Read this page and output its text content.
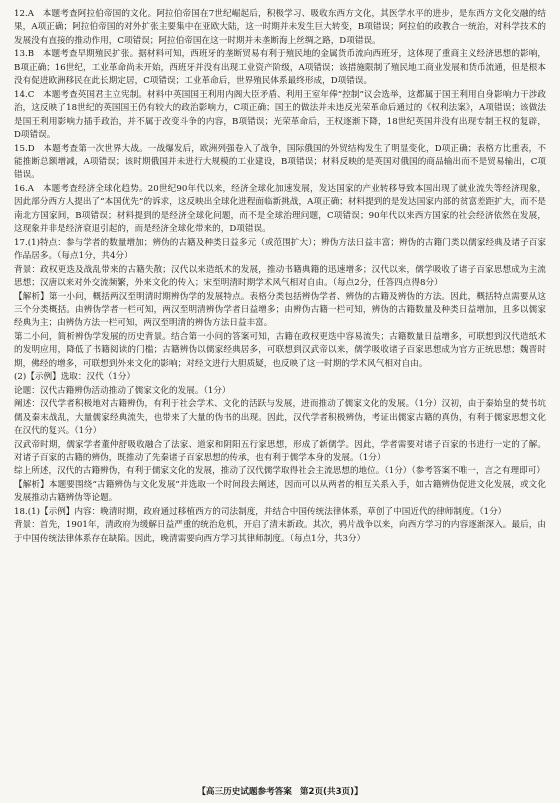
12.A　本题考查阿拉伯帝国的文化。阿拉伯帝国在7世纪崛起后，积极学习、吸收东西方文化，其医学水平的进步，是东西方文化交融的结果，A项正确；阿拉伯帝国的对外扩张主要集中在亚欧大陆，这一时期并未发生巨大转变，B项错误；阿拉伯的政教合一统治，对科学技术的发展没有直接的推动作用，C项错误；阿拉伯帝国在这一时期并未垄断海上丝绸之路，D项错误。

13.B　本题考查早期殖民扩张。据材料可知，西班牙的垄断贸易有利于殖民地的金属货币流向西班牙，这体现了重商主义经济思想的影响，B项正确；16世纪，工业革命尚未开始，西班牙并没有出现工业资产阶级，A项错误；该措施限制了殖民地工商业发展和货币流通，但是根本没有促进欧洲移民在此长期定居，C项错误；工业革命后，世界殖民体系最终形成，D项错误。

14.C　本题考查英国君主立宪制。材料中英国国王利用内阁大臣矛盾、利用王室年俸“控制”议会选举，这都属于国王利用自身影响力干涉政治，这反映了18世纪的英国国王仍有较大的政治影响力，C项正确；国王的做法并未违反光荣革命后通过的《权利法案》，A项错误；该做法是国王利用影响力插手政治，并不属于改变斗争的内容，B项错误；光荣革命后，王权逐渐下降，18世纪英国并没有出现专制王权的复辟，D项错误。

15.D　本题考查第一次世界大战。一战爆发后，欧洲列强卷入了战争，国际俄国的外贸结构发生了明显变化，D项正确；表格方比重表，不能推断总额增减，A项错误；该时期俄国并未进行大规模的工业建设，B项错误；材料反映的是英国对俄国的商品输出而不是贸易输出，C项错误。

16.A　本题考查经济全球化趋势。20世纪90年代以来，经济全球化加速发展，发达国家的产业转移导致本国出现了就业流失等经济现象，因此部分西方人提出了“本国优先”的诉求，这反映出全球化进程面临新挑战，A项正确；材料提到的是发达国家内部的贫富差距扩大，而不是南北方国家间，B项错误；材料提到的是经济全球化问题，而不是全球治理问题，C项错误；90年代以来西方国家的社会经济依然在发展，这现象并非是经济衰退引起的，而是经济全球化带来的，D项错误。

17.(1)特点：参与学者的数量增加；辨伪的古籍及种类日益多元（或范围扩大）；辨伪方法日益丰富；辨伪的古籍门类以儒家经典及诸子百家作品居多。（每点1分，共4分）

背景：政权更迭及战乱带来的古籍失散；汉代以来造纸术的发展，推动书籍典籍的迅速增多；汉代以来，儒学吸收了诸子百家思想成为主流思想；汉唐以来对外交流频繁，外来文化的传入；宋至明清时期学术风气相对自由。（每点2分，任答四点得8分）

【解析】第一小问，概括两汉至明清时期辨伪学的发展特点。表格分类包括辨伪学者、辨伪的古籍及辨伪的方法。因此，概括特点需要从这三个分类概括。由辨伪学者一栏可知，两汉至明清辨伪学者日益增多；由辨伪古籍一栏可知，辨伪的古籍数量及种类日益增加，且多以儒家经典为主；由辨伪方法一栏可知，两汉至明清的辨伪方法日益丰富。

第二小问，简析辨伪学发展的历史背景。结合第一小问的答案可知，古籍在政权更迭中容易流失；古籍数量日益增多，可联想到汉代造纸术的发明应用，降低了书籍阅读的门槛；古籍辨伪以儒家经典居多，可联想到汉武帝以来，儒学吸收诸子百家思想成为官方正统思想；魏晋时期，佛经的增多，可联想到外来文化的影响；对经文进行大胆质疑，也反映了这一时期的学术风气相对自由。

(2)【示例】选取：汉代（1分）

论题：汉代古籍辨伪活动推动了儒家文化的发展。（1分）

阐述：汉代学者积极地对古籍辨伪，有利于社会学术、文化的活跃与发展，进而推动了儒家文化的发展。（1分）汉初，由于秦始皇的焚书坑儒及秦末战乱，大量儒家经典流失，也带来了大量的伪书的出现。因此，汉代学者积极辨伪，考证出儒家古籍的真伪，有利于儒家思想文化在汉代的复兴。（1分）

汉武帝时期，儒家学者董仲舒吸收融合了法家、道家和阴阳五行家思想，形成了新儒学。因此，学者需要对诸子百家的书进行一定的了解。对诸子百家的古籍的辨伪，既推动了先秦诸子百家思想的传承，也有利于儒学本身的发展。（1分）

综上所述，汉代的古籍辨伪，有利于儒家文化的发展，推动了汉代儒学取得社会主流思想的地位。（1分）（参考答案不唯一，言之有理即可）

【解析】本题要围绕“古籍辨伪与文化发展”并选取一个时间段去阐述，因而可以从两者的相互关系入手，如古籍辨伪促进文化发展，或文化发展推动古籍辨伪等论题。

18.(1)【示例】内容：晚清时期，政府通过移植西方的司法制度，并结合中国传统法律体系，草创了中国近代的律师制度。（1分）

背景：首先，1901年，清政府为缓解日益严重的统治危机，开启了清末新政。其次，鸦片战争以来，向西方学习的内容逐渐深入。最后，由于中国传统法律体系存在缺陷。因此，晚清需要向西方学习其律师制度。（每点1分，共3分）

【高三历史试题参考答案 第2页(共3页)】
